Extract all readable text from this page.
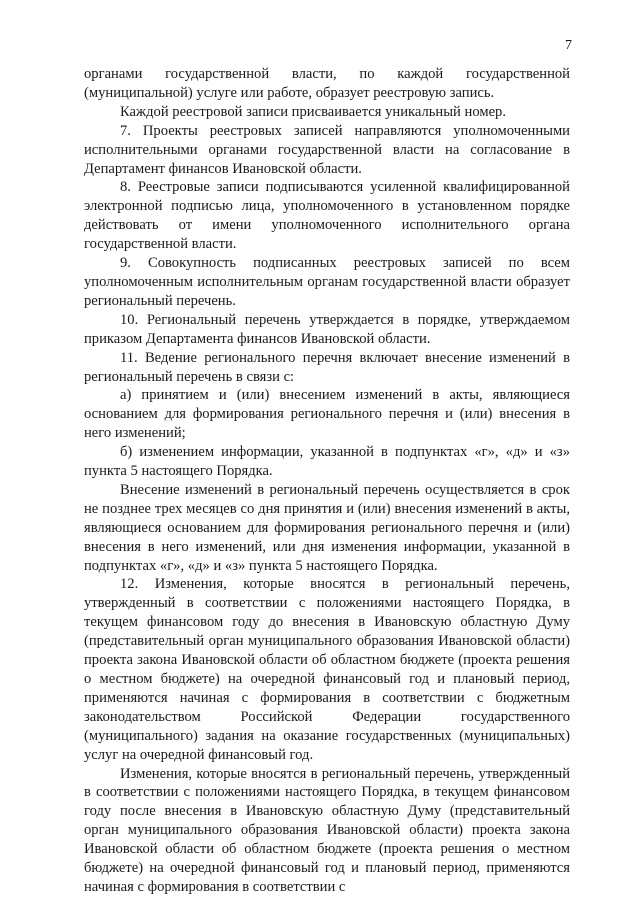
7

органами государственной власти, по каждой государственной (муниципальной) услуге или работе, образует реестровую запись.

Каждой реестровой записи присваивается уникальный номер.

7. Проекты реестровых записей направляются уполномоченными исполнительными органами государственной власти на согласование в Департамент финансов Ивановской области.

8. Реестровые записи подписываются усиленной квалифицированной электронной подписью лица, уполномоченного в установленном порядке действовать от имени уполномоченного исполнительного органа государственной власти.

9. Совокупность подписанных реестровых записей по всем уполномоченным исполнительным органам государственной власти образует региональный перечень.

10. Региональный перечень утверждается в порядке, утверждаемом приказом Департамента финансов Ивановской области.

11. Ведение регионального перечня включает внесение изменений в региональный перечень в связи с:

а) принятием и (или) внесением изменений в акты, являющиеся основанием для формирования регионального перечня и (или) внесения в него изменений;

б) изменением информации, указанной в подпунктах «г», «д» и «з» пункта 5 настоящего Порядка.

Внесение изменений в региональный перечень осуществляется в срок не позднее трех месяцев со дня принятия и (или) внесения изменений в акты, являющиеся основанием для формирования регионального перечня и (или) внесения в него изменений, или дня изменения информации, указанной в подпунктах «г», «д» и «з» пункта 5 настоящего Порядка.

12. Изменения, которые вносятся в региональный перечень, утвержденный в соответствии с положениями настоящего Порядка, в текущем финансовом году до внесения в Ивановскую областную Думу (представительный орган муниципального образования Ивановской области) проекта закона Ивановской области об областном бюджете (проекта решения о местном бюджете) на очередной финансовый год и плановый период, применяются начиная с формирования в соответствии с бюджетным законодательством Российской Федерации государственного (муниципального) задания на оказание государственных (муниципальных) услуг на очередной финансовый год.

Изменения, которые вносятся в региональный перечень, утвержденный в соответствии с положениями настоящего Порядка, в текущем финансовом году после внесения в Ивановскую областную Думу (представительный орган муниципального образования Ивановской области) проекта закона Ивановской области об областном бюджете (проекта решения о местном бюджете) на очередной финансовый год и плановый период, применяются начиная с формирования в соответствии с
